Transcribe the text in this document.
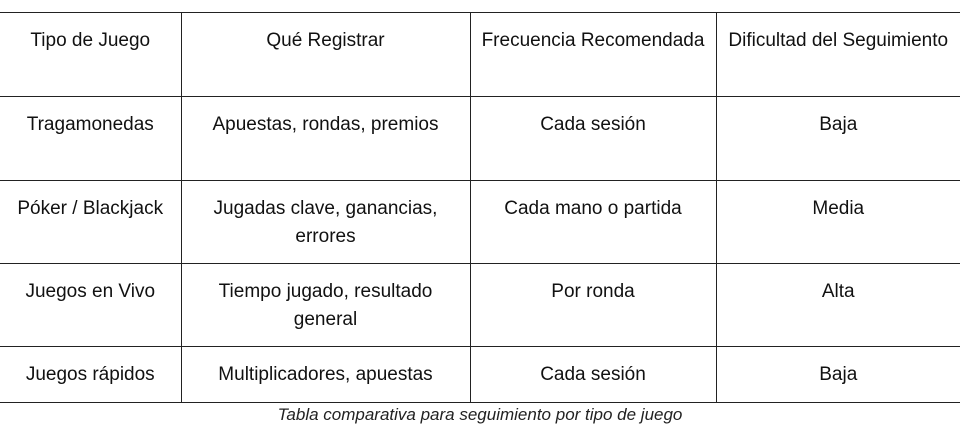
Tipo de Juego	Qué Registrar	Frecuencia Recomendada	Dificultad del Seguimiento
Tragamonedas	Apuestas, rondas, premios	Cada sesión	Baja
Póker / Blackjack	Jugadas clave, ganancias, errores	Cada mano o partida	Media
Juegos en Vivo	Tiempo jugado, resultado general	Por ronda	Alta
Juegos rápidos	Multiplicadores, apuestas	Cada sesión	Baja
Tabla comparativa para seguimiento por tipo de juego
